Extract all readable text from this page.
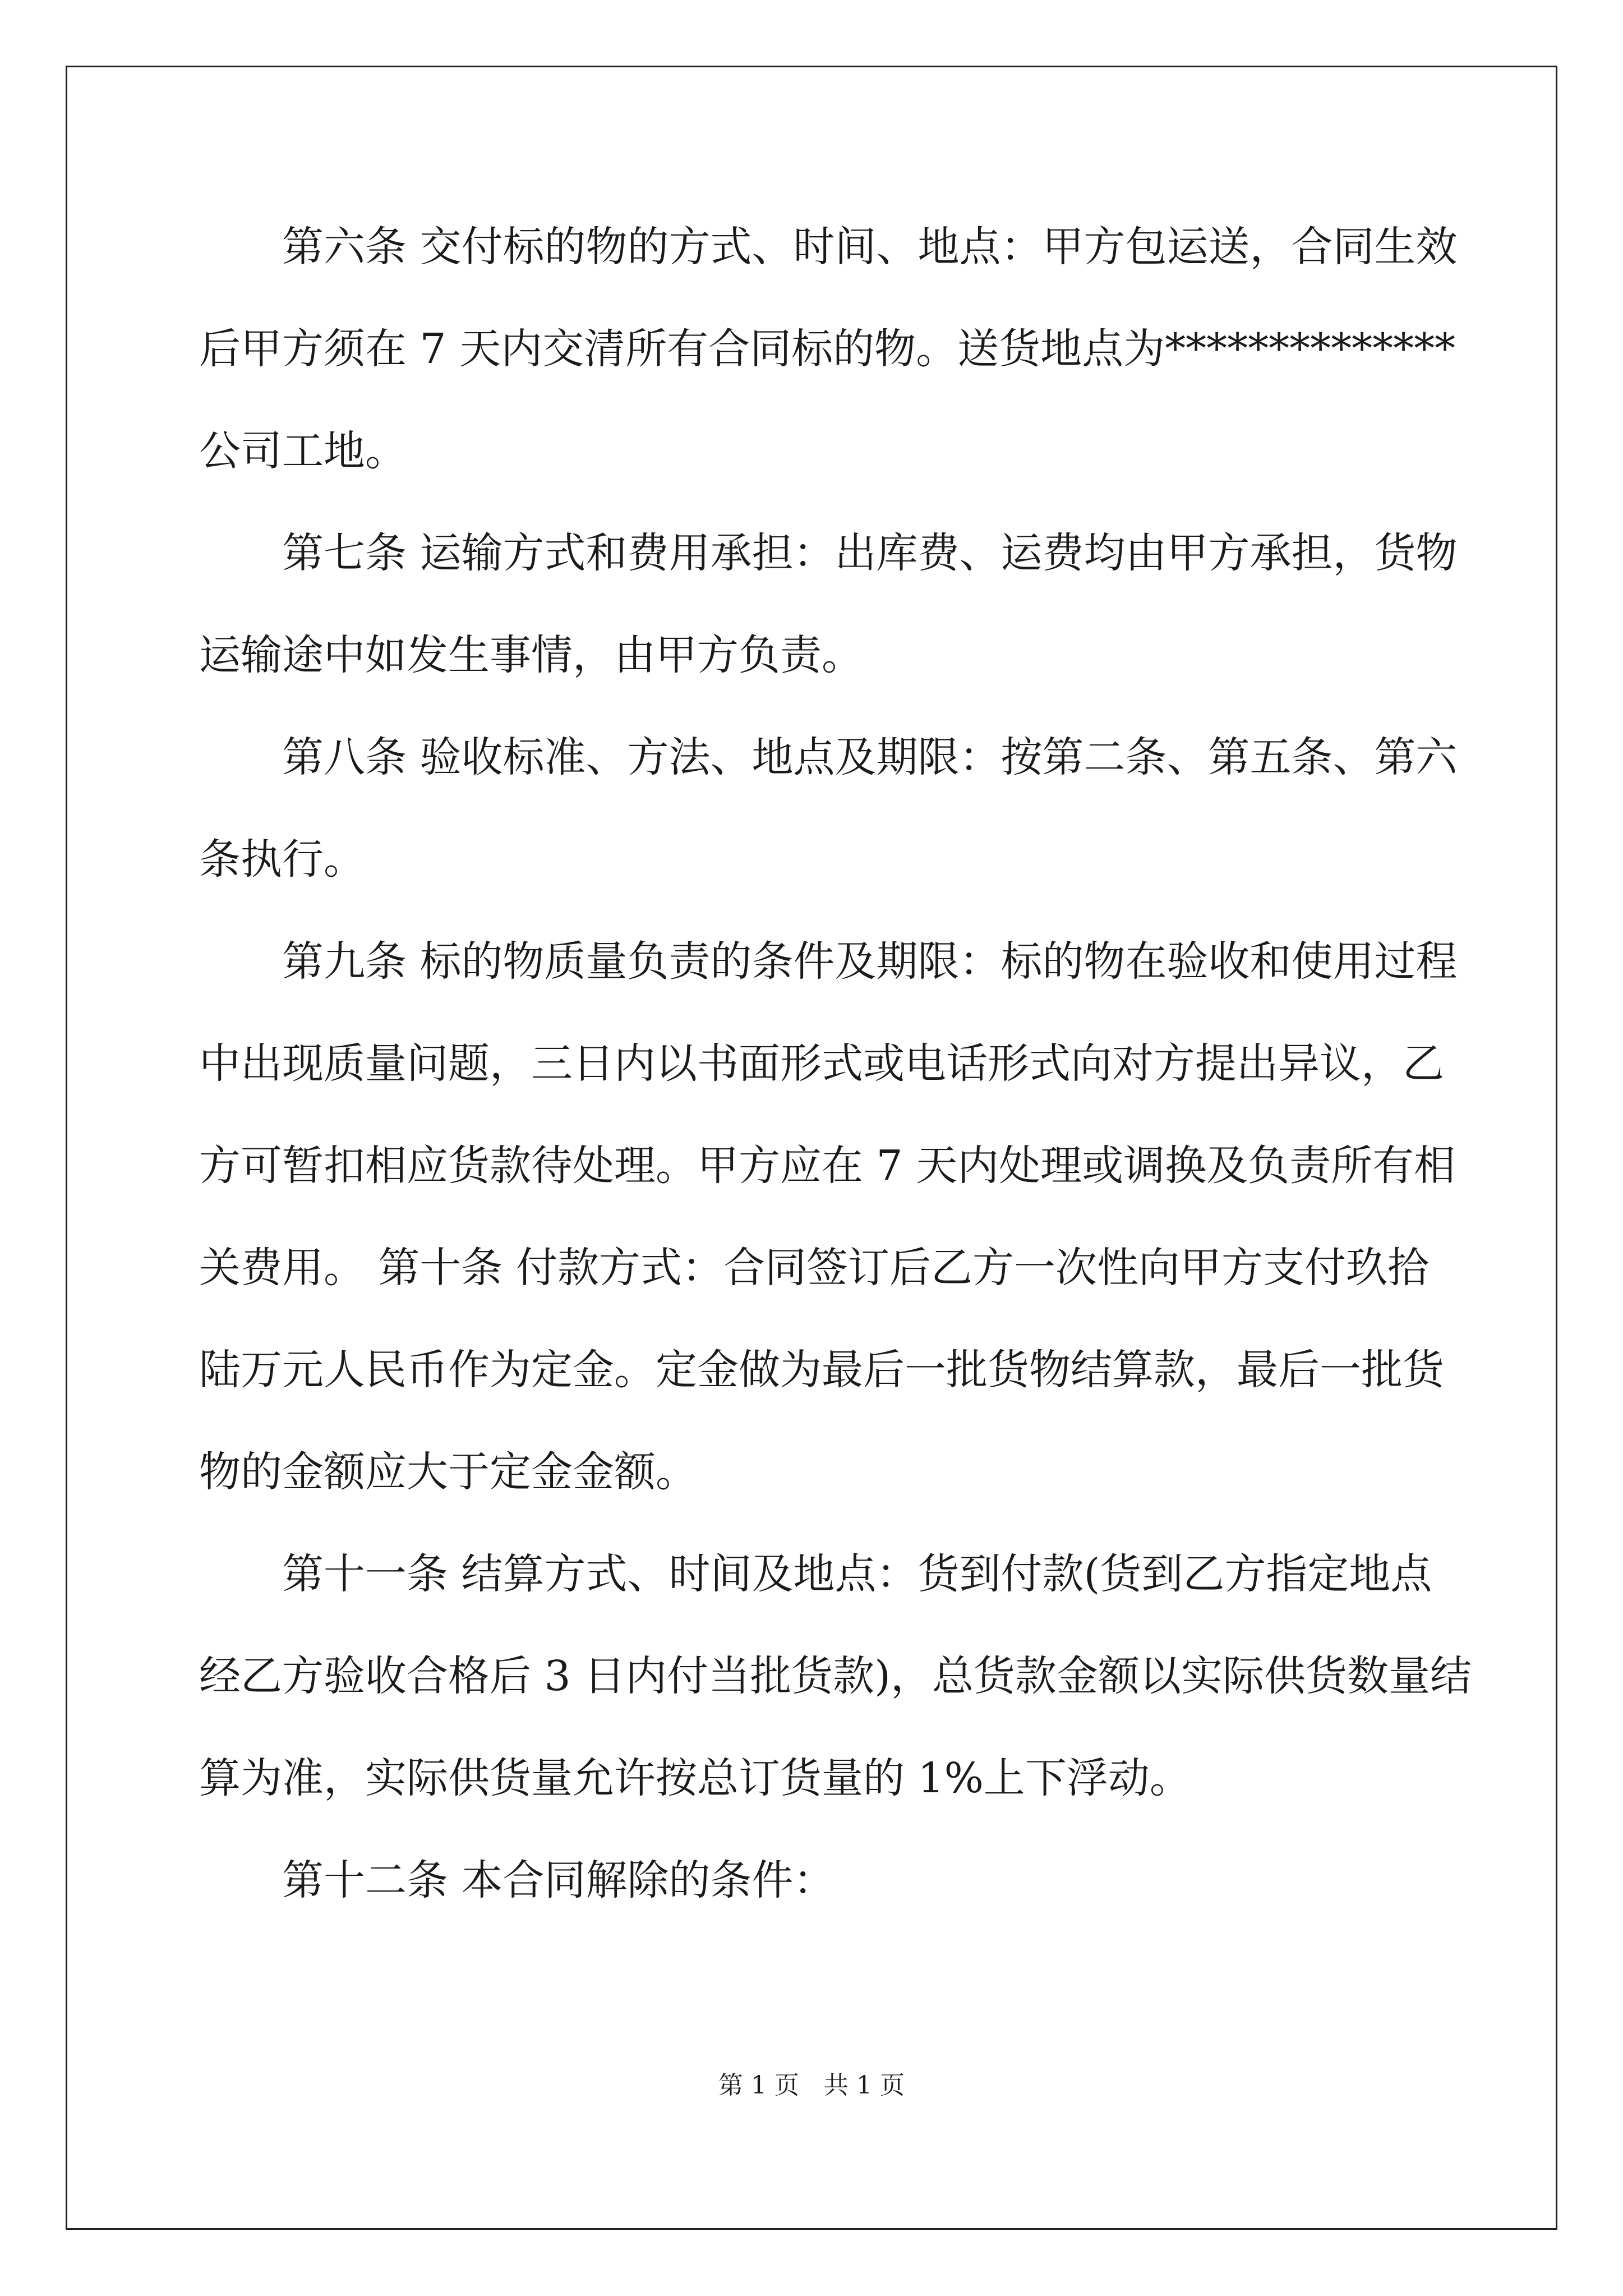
第六条 交付标的物的方式、时间、地点：甲方包运送，合同生效
后甲方须在 7 天内交清所有合同标的物。送货地点为**************
公司工地。
第七条 运输方式和费用承担：出库费、运费均由甲方承担，货物
运输途中如发生事情，由甲方负责。
第八条 验收标准、方法、地点及期限：按第二条、第五条、第六
条执行。
第九条 标的物质量负责的条件及期限：标的物在验收和使用过程
中出现质量问题，三日内以书面形式或电话形式向对方提出异议，乙
方可暂扣相应货款待处理。甲方应在 7 天内处理或调换及负责所有相
关费用。 第十条 付款方式：合同签订后乙方一次性向甲方支付玖拾
陆万元人民币作为定金。定金做为最后一批货物结算款，最后一批货
物的金额应大于定金金额。
第十一条 结算方式、时间及地点：货到付款(货到乙方指定地点
经乙方验收合格后 3 日内付当批货款)，总货款金额以实际供货数量结
算为准，实际供货量允许按总订货量的 1%上下浮动。
第十二条 本合同解除的条件：
第 1 页　共 1 页
